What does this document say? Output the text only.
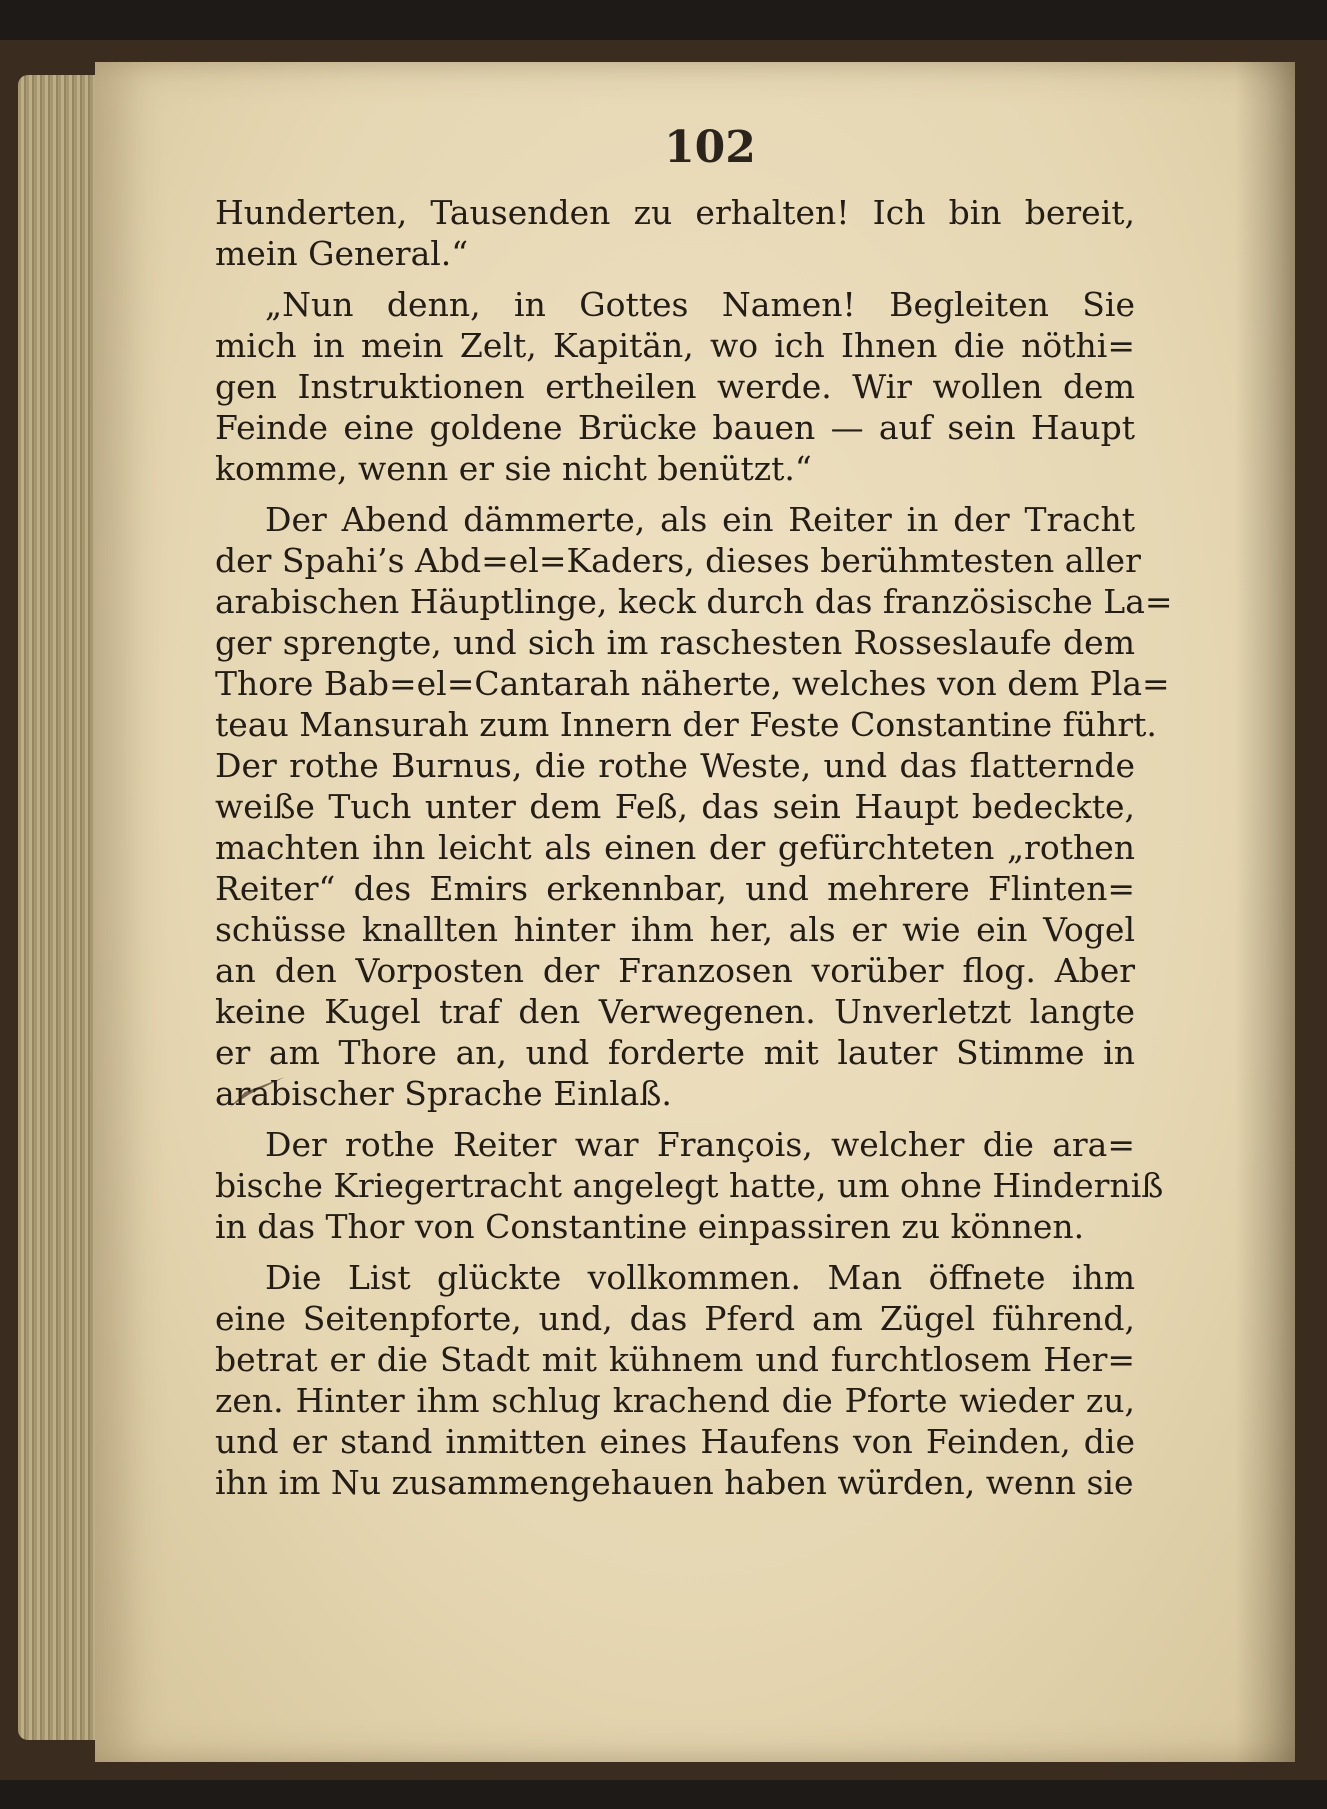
102
Hunderten, Tausenden zu erhalten! Ich bin bereit,
mein General.“
„Nun denn, in Gottes Namen! Begleiten Sie
mich in mein Zelt, Kapitän, wo ich Ihnen die nöthi=
gen Instruktionen ertheilen werde. Wir wollen dem
Feinde eine goldene Brücke bauen — auf sein Haupt
komme, wenn er sie nicht benützt.“
Der Abend dämmerte, als ein Reiter in der Tracht
der Spahi’s Abd=el=Kaders, dieses berühmtesten aller
arabischen Häuptlinge, keck durch das französische La=
ger sprengte, und sich im raschesten Rosseslaufe dem
Thore Bab=el=Cantarah näherte, welches von dem Pla=
teau Mansurah zum Innern der Feste Constantine führt.
Der rothe Burnus, die rothe Weste, und das flatternde
weiße Tuch unter dem Feß, das sein Haupt bedeckte,
machten ihn leicht als einen der gefürchteten „rothen
Reiter“ des Emirs erkennbar, und mehrere Flinten=
schüsse knallten hinter ihm her, als er wie ein Vogel
an den Vorposten der Franzosen vorüber flog. Aber
keine Kugel traf den Verwegenen. Unverletzt langte
er am Thore an, und forderte mit lauter Stimme in
arabischer Sprache Einlaß.
Der rothe Reiter war François, welcher die ara=
bische Kriegertracht angelegt hatte, um ohne Hinderniß
in das Thor von Constantine einpassiren zu können.
Die List glückte vollkommen. Man öffnete ihm
eine Seitenpforte, und, das Pferd am Zügel führend,
betrat er die Stadt mit kühnem und furchtlosem Her=
zen. Hinter ihm schlug krachend die Pforte wieder zu,
und er stand inmitten eines Haufens von Feinden, die
ihn im Nu zusammengehauen haben würden, wenn sie
